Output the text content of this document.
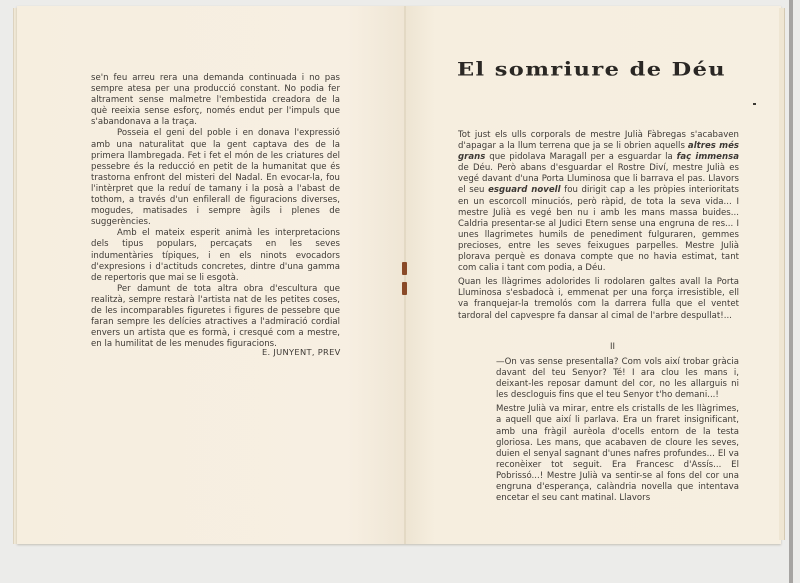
se'n feu arreu rera una demanda continuada i no pas sempre atesa per una producció constant. No podia fer altrament sense malmetre l'embestida creadora de la què reeixia sense esforç, només endut per l'impuls que s'abandonava a la traça.

Posseia el geni del poble i en donava l'expressió amb una naturalitat que la gent captava des de la primera llambregada. Fet i fet el món de les criatures del pessebre és la reducció en petit de la humanitat que és trastorna enfront del misteri del Nadal. En evocar-la, fou l'intèrpret que la reduí de tamany i la posà a l'abast de tothom, a través d'un enfilerall de figuracions diverses, mogudes, matisades i sempre àgils i plenes de suggerències.

Amb el mateix esperit animà les interpretacions dels tipus populars, percaçats en les seves indumentàries típiques, i en els ninots evocadors d'expresions i d'actituds concretes, dintre d'una gamma de repertoris que mai se li esgotà.

Per damunt de tota altra obra d'escultura que realitzà, sempre restarà l'artista nat de les petites coses, de les incomparables figuretes i figures de pessebre que faran sempre les delícies atractives a l'admiració cordial envers un artista que es formà, i cresqué com a mestre, en la humilitat de les menudes figuracions.

E. JUNYENT, PREV
El somriure de Déu

Tot just els ulls corporals de mestre Julià Fàbregas s'acabaven d'apagar a la llum terrena que ja se li obrien aquells altres més grans que pidolava Maragall per a esguardar la faç immensa de Déu. Però abans d'esguardar el Rostre Diví, mestre Julià es vegé davant d'una Porta Lluminosa que li barrava el pas. Llavors el seu esguard novell fou dirigit cap a les pròpies interioritats en un escorcoll minuciós, però ràpid, de tota la seva vida... I mestre Julià es vegé ben nu i amb les mans massa buides... Caldria presentar-se al Judici Etern sense una engruna de res... I unes llagrimetes humils de penediment fulguraren, gemmes precioses, entre les seves feixugues parpelles. Mestre Julià plorava perquè es donava compte que no havia estimat, tant com calia i tant com podia, a Déu.

Quan les llàgrimes adolorides li rodolaren galtes avall la Porta Lluminosa s'esbadocà i, emmenat per una força irresistible, ell va franquejar-la tremolós com la darrera fulla que el ventet tardoral del capvespre fa dansar al cimal de l'arbre despullat!...

II

—On vas sense presentalla? Com vols així trobar gràcia davant del teu Senyor? Té! I ara clou les mans i, deixant-les reposar damunt del cor, no les allarguis ni les descloguis fins que el teu Senyor t'ho demani...!

Mestre Julià va mirar, entre els cristalls de les llàgrimes, a aquell que així li parlava. Era un fraret insignificant, amb una fràgil aurèola d'ocells entorn de la testa gloriosa. Les mans, que acabaven de cloure les seves, duien el senyal sagnant d'unes nafres profundes... El va reconèixer tot seguit. Era Francesc d'Assís... El Pobrissó...! Mestre Julià va sentir-se al fons del cor una engruna d'esperança, calàndria novella que intentava encetar el seu cant matinal. Llavors
